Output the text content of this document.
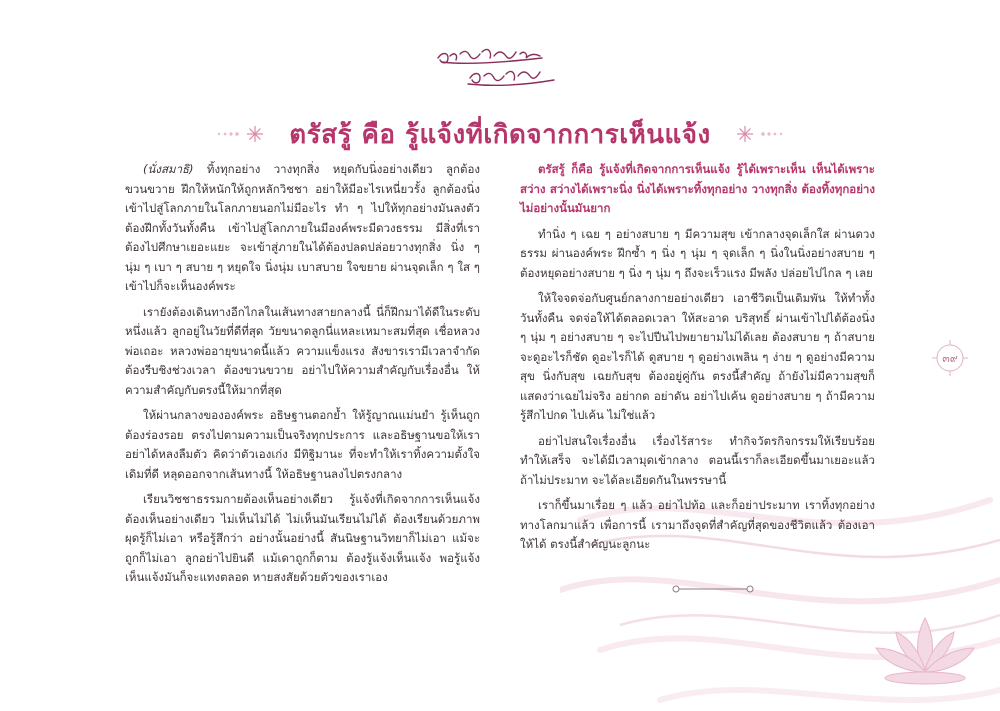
ตรัสรู้ คือ รู้แจ้งที่เกิดจากการเห็นแจ้ง

(นั่งสมาธิ) ทิ้งทุกอย่าง วางทุกสิ่ง หยุดกับนิ่งอย่างเดียว ลูกต้องขวนขวาย ฝึกให้หนักให้ถูกหลักวิชชา อย่าให้มีอะไรเหนี่ยวรั้ง ลูกต้องนิ่งเข้าไปสู่โลกภายในโลกภายนอกไม่มีอะไร ทำ ๆ ไปให้ทุกอย่างมันลงตัว ต้องฝึกทั้งวันทั้งคืน เข้าไปสู่โลกภายในมีองค์พระมีดวงธรรม มีสิ่งที่เราต้องไปศึกษาเยอะแยะ จะเข้าสู่ภายในได้ต้องปลดปล่อยวางทุกสิ่ง นิ่ง ๆ นุ่ม ๆ เบา ๆ สบาย ๆ หยุดใจ นิ่งนุ่ม เบาสบาย ใจขยาย ผ่านจุดเล็ก ๆ ใส ๆ เข้าไปก็จะเห็นองค์พระ

เรายังต้องเดินทางอีกไกลในเส้นทางสายกลางนี้ นี่ก็ฝึกมาได้ดีในระดับหนึ่งแล้ว ลูกอยู่ในวัยที่ดีที่สุด วัยขนาดลูกนี่แหละเหมาะสมที่สุด เชื่อหลวงพ่อเถอะ หลวงพ่ออายุขนาดนี้แล้ว ความแข็งแรง สังขารเรามีเวลาจำกัด ต้องรีบชิงช่วงเวลา ต้องขวนขวาย อย่าไปให้ความสำคัญกับเรื่องอื่น ให้ความสำคัญกับตรงนี้ให้มากที่สุด

ให้ผ่านกลางขององค์พระ อธิษฐานตอกย้ำ ให้รู้ญาณแม่นยำ รู้เห็นถูกต้องร่องรอย ตรงไปตามความเป็นจริงทุกประการ และอธิษฐานขอให้เราอย่าได้หลงลืมตัว คิดว่าตัวเองเก่ง มีทิฐิมานะ ที่จะทำให้เราทิ้งความตั้งใจเดิมที่ดี หลุดออกจากเส้นทางนี้ ให้อธิษฐานลงไปตรงกลาง

เรียนวิชชาธรรมกายต้องเห็นอย่างเดียว รู้แจ้งที่เกิดจากการเห็นแจ้ง ต้องเห็นอย่างเดียว ไม่เห็นไม่ได้ ไม่เห็นมันเรียนไม่ได้ ต้องเรียนด้วยภาพ ผุดรู้ก็ไม่เอา หรือรู้สึกว่า อย่างนั้นอย่างนี้ สันนิษฐานวิทยาก็ไม่เอา แม้จะถูกก็ไม่เอา ลูกอย่าไปยินดี แม้เดาถูกก็ตาม ต้องรู้แจ้งเห็นแจ้ง พอรู้แจ้งเห็นแจ้งมันก็จะแทงตลอด หายสงสัยด้วยตัวของเราเอง

ตรัสรู้ ก็คือ รู้แจ้งที่เกิดจากการเห็นแจ้ง รู้ได้เพราะเห็น เห็นได้เพราะสว่าง สว่างได้เพราะนิ่ง นิ่งได้เพราะทิ้งทุกอย่าง วางทุกสิ่ง ต้องทิ้งทุกอย่าง ไม่อย่างนั้นมันยาก

ทำนิ่ง ๆ เฉย ๆ อย่างสบาย ๆ มีความสุข เข้ากลางจุดเล็กใส ผ่านดวงธรรม ผ่านองค์พระ ฝึกซ้ำ ๆ นิ่ง ๆ นุ่ม ๆ จุดเล็ก ๆ นิ่งในนิ่งอย่างสบาย ๆ ต้องหยุดอย่างสบาย ๆ นิ่ง ๆ นุ่ม ๆ ถึงจะเร็วแรง มีพลัง ปล่อยไปไกล ๆ เลย

ให้ใจจดจ่อกับศูนย์กลางกายอย่างเดียว เอาชีวิตเป็นเดิมพัน ให้ทำทั้งวันทั้งคืน จดจ่อให้ได้ตลอดเวลา ให้สะอาด บริสุทธิ์ ผ่านเข้าไปได้ต้องนิ่ง ๆ นุ่ม ๆ อย่างสบาย ๆ จะไปปีนไปพยายามไม่ได้เลย ต้องสบาย ๆ ถ้าสบายจะดูอะไรก็ชัด ดูอะไรก็ได้ ดูสบาย ๆ ดูอย่างเพลิน ๆ ง่าย ๆ ดูอย่างมีความสุข นิ่งกับสุข เฉยกับสุข ต้องอยู่คู่กัน ตรงนี้สำคัญ ถ้ายังไม่มีความสุขก็แสดงว่าเฉยไม่จริง อย่ากด อย่าดัน อย่าไปเค้น ดูอย่างสบาย ๆ ถ้ามีความรู้สึกไปกด ไปเค้น ไม่ใช่แล้ว

อย่าไปสนใจเรื่องอื่น เรื่องไร้สาระ ทำกิจวัตรกิจกรรมให้เรียบร้อย ทำให้เสร็จ จะได้มีเวลามุดเข้ากลาง ตอนนี้เราก็ละเอียดขึ้นมาเยอะแล้ว ถ้าไม่ประมาท จะได้ละเอียดกันในพรรษานี้

เราก็ขึ้นมาเรื่อย ๆ แล้ว อย่าไปท้อ และก็อย่าประมาท เราทิ้งทุกอย่างทางโลกมาแล้ว เพื่อการนี้ เรามาถึงจุดที่สำคัญที่สุดของชีวิตแล้ว ต้องเอาให้ได้ ตรงนี้สำคัญนะลูกนะ

๓๙
